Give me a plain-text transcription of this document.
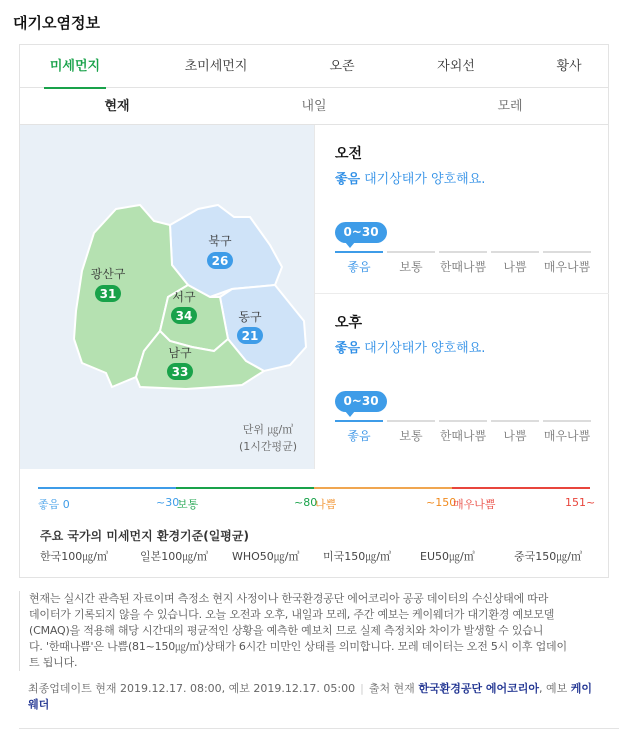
대기오염정보
미세먼지	초미세먼지	오존	자외선	황사
현재	내일	모레
북구
26
광산구
31	서구
34	동구
21
남구
33
단위 ㎍/㎥
(1시간평균)
오전
좋음 대기상태가 양호해요.
0~30
좋음	보통	한때나쁨	나쁨	매우나쁨
오후
좋음 대기상태가 양호해요.
0~30
좋음	보통	한때나쁨	나쁨	매우나쁨
좋음 0	~30
보통	~80
나쁨	~150
매우나쁨	151~
주요 국가의 미세먼지 환경기준(일평균)
한국100㎍/㎥	일본100㎍/㎥ WHO50㎍/㎥ 미국150㎍/㎥	EU50㎍/㎥	중국150㎍/㎥

현재는 실시간 관측된 자료이며 측정소 현지 사정이나 한국환경공단 에어코리아 공공 데이터의 수신상태에 따라

데이터가 기록되지 않을 수 있습니다. 오늘 오전과 오후, 내일과 모레, 주간 예보는 케이웨더가 대기환경 예보모델

(CMAQ)을 적용해 해당 시간대의 평균적인 상황을 예측한 예보치 므로 실제 측정치와 차이가 발생할 수 있습니

다. '한때나쁨'은 나쁨(81~150㎍/㎥)상태가 6시간 미만인 상태를 의미합니다. 모레 데이터는 오전 5시 이후 업데이

트 됩니다.

최종업데이트 현재 2019.12.17. 08:00, 예보 2019.12.17. 05:00 | 출처 현재 한국환경공단 에어코리아, 예보 케이웨더
